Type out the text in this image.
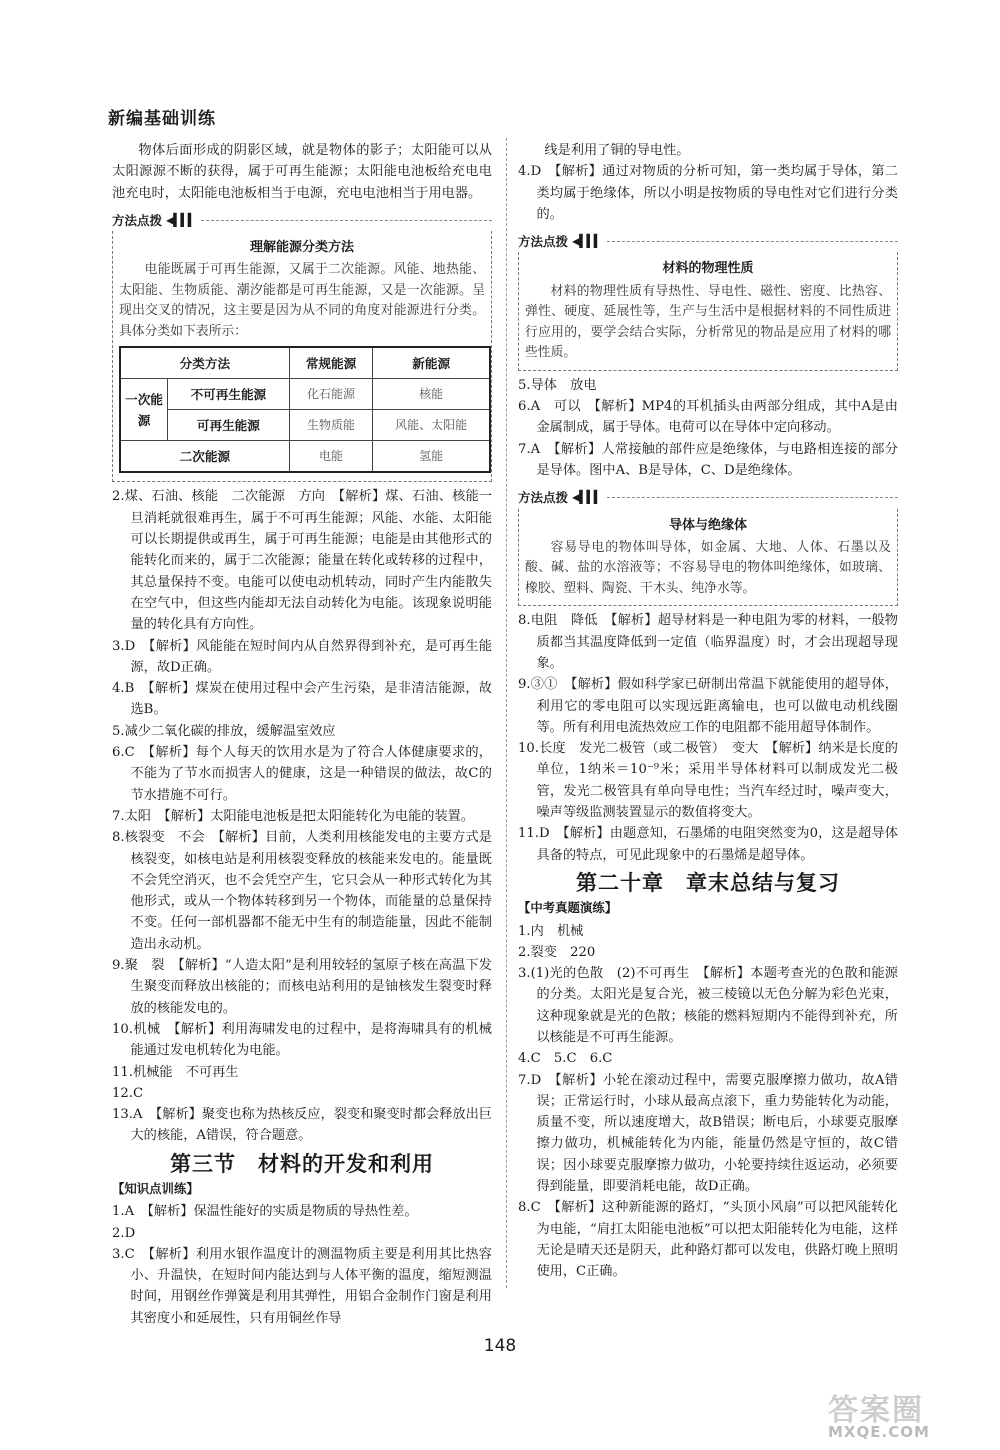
新编基础训练

物体后面形成的阴影区域，就是物体的影子；太阳能可以从太阳源源不断的获得，属于可再生能源；太阳能电池板给充电电池充电时，太阳能电池板相当于电源，充电电池相当于用电器。

方法点拨 ◀▍▍▍
理解能源分类方法

电能既属于可再生能源，又属于二次能源。风能、地热能、太阳能、生物质能、潮汐能都是可再生能源，又是一次能源。呈现出交叉的情况，这主要是因为从不同的角度对能源进行分类。具体分类如下表所示：

分类方法		常规能源	新能源
一次能源	不可再生能源	化石能源	核能
	可再生能源	生物质能	风能、太阳能
二次能源		电能	氢能

2.煤、石油、核能　二次能源　方向　【解析】煤、石油、核能一旦消耗就很难再生，属于不可再生能源；风能、水能、太阳能可以长期提供或再生，属于可再生能源；电能是由其他形式的能转化而来的，属于二次能源；能量在转化或转移的过程中，其总量保持不变。电能可以使电动机转动，同时产生内能散失在空气中，但这些内能却无法自动转化为电能。该现象说明能量的转化具有方向性。

3.D　【解析】风能能在短时间内从自然界得到补充，是可再生能源，故D正确。

4.B　【解析】煤炭在使用过程中会产生污染，是非清洁能源，故选B。

5.减少二氧化碳的排放，缓解温室效应

6.C　【解析】每个人每天的饮用水是为了符合人体健康要求的，不能为了节水而损害人的健康，这是一种错误的做法，故C的节水措施不可行。

7.太阳　【解析】太阳能电池板是把太阳能转化为电能的装置。

8.核裂变　不会　【解析】目前，人类利用核能发电的主要方式是核裂变，如核电站是利用核裂变释放的核能来发电的。能量既不会凭空消灭，也不会凭空产生，它只会从一种形式转化为其他形式，或从一个物体转移到另一个物体，而能量的总量保持不变。任何一部机器都不能无中生有的制造能量，因此不能制造出永动机。

9.聚　裂　【解析】“人造太阳”是利用较轻的氢原子核在高温下发生聚变而释放出核能的；而核电站利用的是铀核发生裂变时释放的核能发电的。

10.机械　【解析】利用海啸发电的过程中，是将海啸具有的机械能通过发电机转化为电能。

11.机械能　不可再生

12.C

13.A　【解析】聚变也称为热核反应，裂变和聚变时都会释放出巨大的核能，A错误，符合题意。

第三节　材料的开发和利用
【知识点训练】

1.A　【解析】保温性能好的实质是物质的导热性差。

2.D

3.C　【解析】利用水银作温度计的测温物质主要是利用其比热容小、升温快，在短时间内能达到与人体平衡的温度，缩短测温时间，用钢丝作弹簧是利用其弹性，用铝合金制作门窗是利用其密度小和延展性，只有用铜丝作导

线是利用了铜的导电性。

4.D　【解析】通过对物质的分析可知，第一类均属于导体，第二类均属于绝缘体，所以小明是按物质的导电性对它们进行分类的。

方法点拨 ◀▍▍▍
材料的物理性质

材料的物理性质有导热性、导电性、磁性、密度、比热容、弹性、硬度、延展性等，生产与生活中是根据材料的不同性质进行应用的，要学会结合实际，分析常见的物品是应用了材料的哪些性质。

5.导体　放电

6.A　可以　【解析】MP4的耳机插头由两部分组成，其中A是由金属制成，属于导体。电荷可以在导体中定向移动。

7.A　【解析】人常接触的部件应是绝缘体，与电路相连接的部分是导体。图中A、B是导体，C、D是绝缘体。

方法点拨 ◀▍▍▍
导体与绝缘体

容易导电的物体叫导体，如金属、大地、人体、石墨以及酸、碱、盐的水溶液等；不容易导电的物体叫绝缘体，如玻璃、橡胶、塑料、陶瓷、干木头、纯净水等。

8.电阻　降低　【解析】超导材料是一种电阻为零的材料，一般物质都当其温度降低到一定值（临界温度）时，才会出现超导现象。

9.③①　【解析】假如科学家已研制出常温下就能使用的超导体，利用它的零电阻可以实现远距离输电，也可以做电动机线圈等。所有利用电流热效应工作的电阻都不能用超导体制作。

10.长度　发光二极管（或二极管）　变大　【解析】纳米是长度的单位，1纳米＝10⁻⁹米；采用半导体材料可以制成发光二极管，发光二极管具有单向导电性；当汽车经过时，噪声变大，噪声等级监测装置显示的数值将变大。

11.D　【解析】由题意知，石墨烯的电阻突然变为0，这是超导体具备的特点，可见此现象中的石墨烯是超导体。

第二十章　章末总结与复习
【中考真题演练】

1.内　机械

2.裂变　220

3.(1)光的色散　(2)不可再生　【解析】本题考查光的色散和能源的分类。太阳光是复合光，被三棱镜以无色分解为彩色光束，这种现象就是光的色散；核能的燃料短期内不能得到补充，所以核能是不可再生能源。

4.C　5.C　6.C

7.D　【解析】小轮在滚动过程中，需要克服摩擦力做功，故A错误；正常运行时，小球从最高点滚下，重力势能转化为动能，质量不变，所以速度增大，故B错误；断电后，小球要克服摩擦力做功，机械能转化为内能，能量仍然是守恒的，故C错误；因小球要克服摩擦力做功，小轮要持续往返运动，必须要得到能量，即要消耗电能，故D正确。

8.C　【解析】这种新能源的路灯，“头顶小风扇”可以把风能转化为电能，“肩扛太阳能电池板”可以把太阳能转化为电能，这样无论是晴天还是阴天，此种路灯都可以发电，供路灯晚上照明使用，C正确。

148
答案圈
MXQE.COM
